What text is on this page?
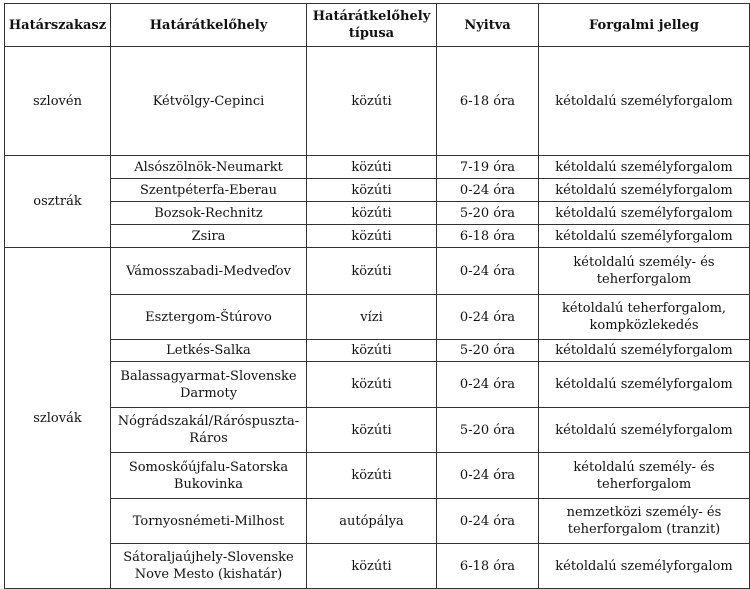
Határszakasz	Határátkelőhely	Határátkelőhely típusa	Nyitva	Forgalmi jelleg
szlovén	Kétvölgy-Cepinci	közúti	6-18 óra	kétoldalú személyforgalom
osztrák	Alsószölnök-Neumarkt	közúti	7-19 óra	kétoldalú személyforgalom
	Szentpéterfa-Eberau	közúti	0-24 óra	kétoldalú személyforgalom
	Bozsok-Rechnitz	közúti	5-20 óra	kétoldalú személyforgalom
	Zsira	közúti	6-18 óra	kétoldalú személyforgalom
szlovák	Vámosszabadi-Medveďov	közúti	0-24 óra	kétoldalú személy- és teherforgalom
	Esztergom-Štúrovo	vízi	0-24 óra	kétoldalú teherforgalom, kompközlekedés
	Letkés-Salka	közúti	5-20 óra	kétoldalú személyforgalom
	Balassagyarmat-Slovenske Darmoty	közúti	0-24 óra	kétoldalú személyforgalom
	Nógrádszakál/Ráróspuszta-Ráros	közúti	5-20 óra	kétoldalú személyforgalom
	Somoskőújfalu-Satorska Bukovinka	közúti	0-24 óra	kétoldalú személy- és teherforgalom
	Tornyosnémeti-Milhost	autópálya	0-24 óra	nemzetközi személy- és teherforgalom (tranzit)
	Sátoraljaújhely-Slovenske Nove Mesto (kishatár)	közúti	6-18 óra	kétoldalú személyforgalom
